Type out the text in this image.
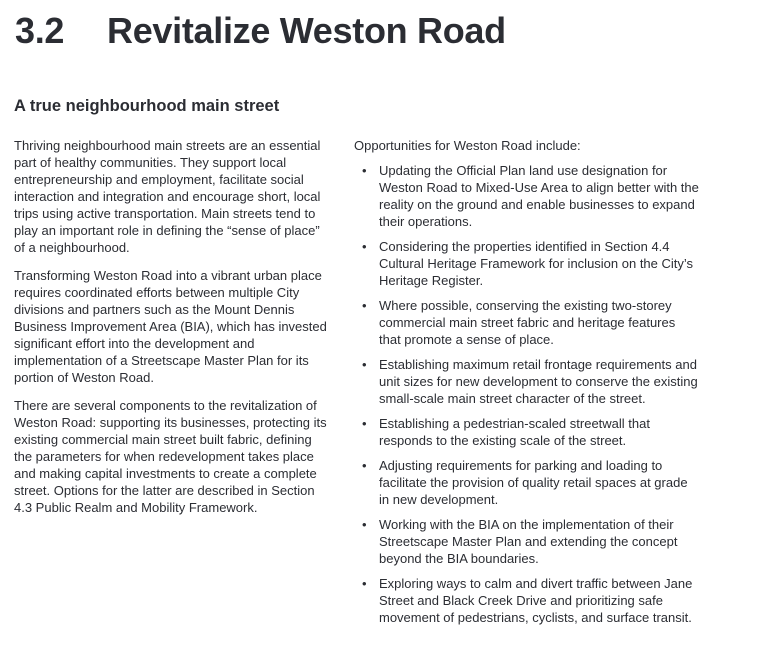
3.2 Revitalize Weston Road
A true neighbourhood main street

Thriving neighbourhood main streets are an essential
part of healthy communities. They support local
entrepreneurship and employment, facilitate social
interaction and integration and encourage short, local
trips using active transportation. Main streets tend to
play an important role in defining the “sense of place”
of a neighbourhood.

Transforming Weston Road into a vibrant urban place
requires coordinated efforts between multiple City
divisions and partners such as the Mount Dennis
Business Improvement Area (BIA), which has invested
significant effort into the development and
implementation of a Streetscape Master Plan for its
portion of Weston Road.

There are several components to the revitalization of
Weston Road: supporting its businesses, protecting its
existing commercial main street built fabric, defining
the parameters for when redevelopment takes place
and making capital investments to create a complete
street. Options for the latter are described in Section
4.3 Public Realm and Mobility Framework.

Opportunities for Weston Road include:

• Updating the Official Plan land use designation for
Weston Road to Mixed-Use Area to align better with the
reality on the ground and enable businesses to expand
their operations.
• Considering the properties identified in Section 4.4
Cultural Heritage Framework for inclusion on the City’s
Heritage Register.
• Where possible, conserving the existing two-storey
commercial main street fabric and heritage features
that promote a sense of place.
• Establishing maximum retail frontage requirements and
unit sizes for new development to conserve the existing
small-scale main street character of the street.
• Establishing a pedestrian-scaled streetwall that
responds to the existing scale of the street.
• Adjusting requirements for parking and loading to
facilitate the provision of quality retail spaces at grade
in new development.
• Working with the BIA on the implementation of their
Streetscape Master Plan and extending the concept
beyond the BIA boundaries.
• Exploring ways to calm and divert traffic between Jane
Street and Black Creek Drive and prioritizing safe
movement of pedestrians, cyclists, and surface transit.
